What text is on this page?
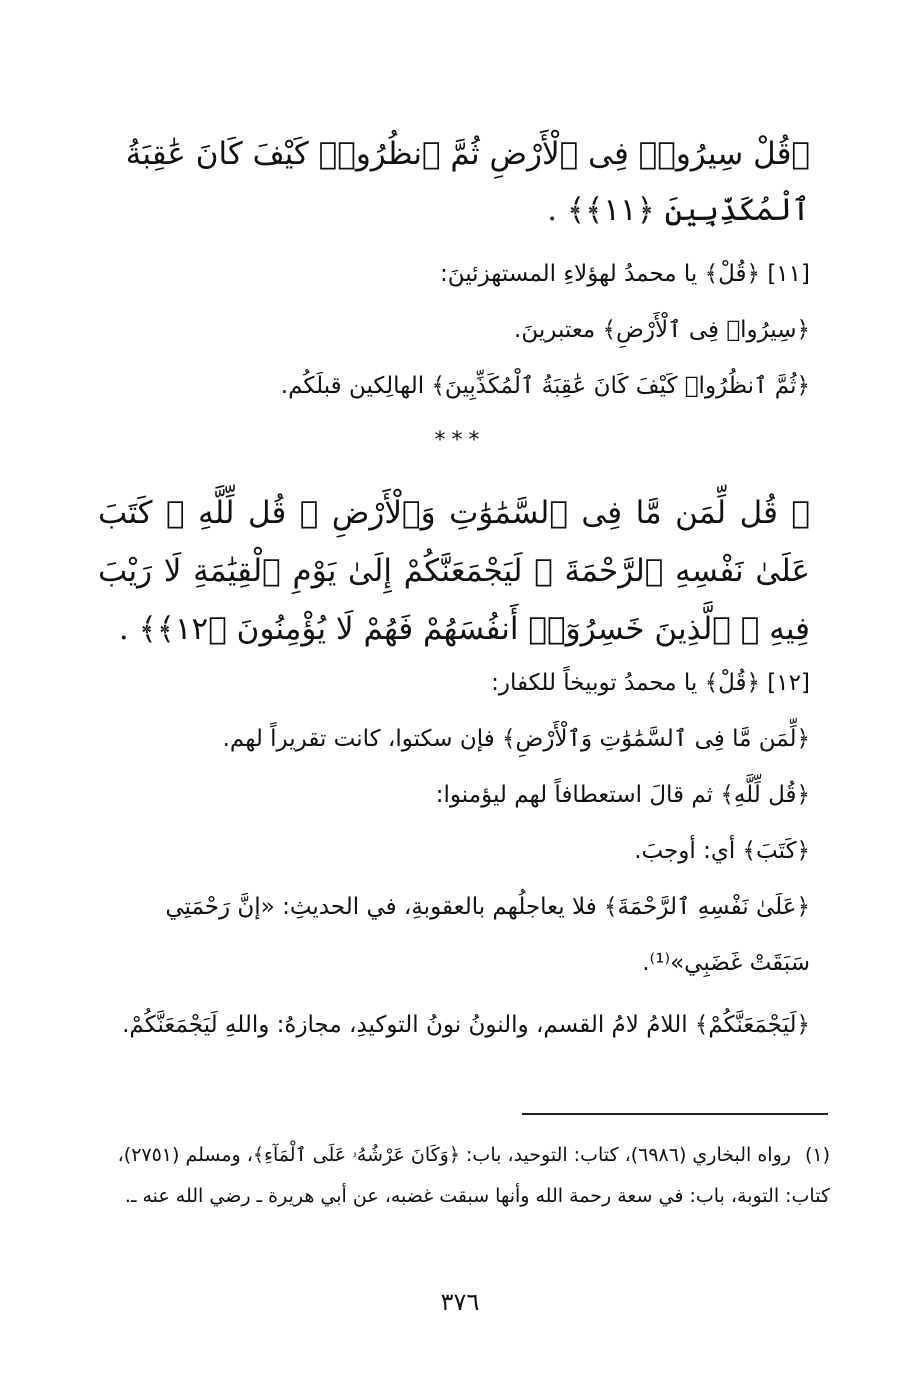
﴿قُلْ سِيرُوا۟ فِى ٱلْأَرْضِ ثُمَّ ٱنظُرُوا۟ كَيْفَ كَانَ عَٰقِبَةُ
ٱلْمُكَذِّبِينَ ﴿١١﴾﴾ .
[١١] ﴿قُلْ﴾ يا محمدُ لهؤلاءِ المستهزئينَ:
﴿سِيرُوا۟ فِى ٱلْأَرْضِ﴾ معتبرينَ.
﴿ثُمَّ ٱنظُرُوا۟ كَيْفَ كَانَ عَٰقِبَةُ ٱلْمُكَذِّبِينَ﴾ الهالِكين قبلَكُم.
***
﴿ قُل لِّمَن مَّا فِى ٱلسَّمَٰوَٰتِ وَٱلْأَرْضِ ۖ قُل لِّلَّهِ ۚ كَتَبَ عَلَىٰ نَفْسِهِ ٱلرَّحْمَةَ ۚ لَيَجْمَعَنَّكُمْ إِلَىٰ يَوْمِ ٱلْقِيَٰمَةِ لَا رَيْبَ فِيهِ ۚ ٱلَّذِينَ خَسِرُوٓا۟ أَنفُسَهُمْ فَهُمْ لَا يُؤْمِنُونَ ﴿١٢﴾﴾ .
[١٢] ﴿قُلْ﴾ يا محمدُ توبيخاً للكفار:
﴿لِّمَن مَّا فِى ٱلسَّمَٰوَٰتِ وَٱلْأَرْضِ﴾ فإن سكتوا، كانت تقريراً لهم.
﴿قُل لِّلَّهِ﴾ ثم قالَ استعطافاً لهم ليؤمنوا:
﴿كَتَبَ﴾ أي: أوجبَ.
﴿عَلَىٰ نَفْسِهِ ٱلرَّحْمَةَ﴾ فلا يعاجلُهم بالعقوبةِ، في الحديثِ: «إنَّ رَحْمَتِي سَبَقَتْ غَضَبِي»⁽¹⁾.
﴿لَيَجْمَعَنَّكُمْ﴾ اللامُ لامُ القسم، والنونُ نونُ التوكيدِ، مجازهُ: واللهِ لَيَجْمَعَنَّكُمْ.
(١)رواه البخاري (٦٩٨٦)، كتاب: التوحيد، باب: ﴿وَكَانَ عَرْشُهُۥ عَلَى ٱلْمَآءِ﴾، ومسلم (٢٧٥١)، كتاب: التوبة، باب: في سعة رحمة الله وأنها سبقت غضبه، عن أبي هريرة ـ رضي الله عنه ـ.
٣٧٦
